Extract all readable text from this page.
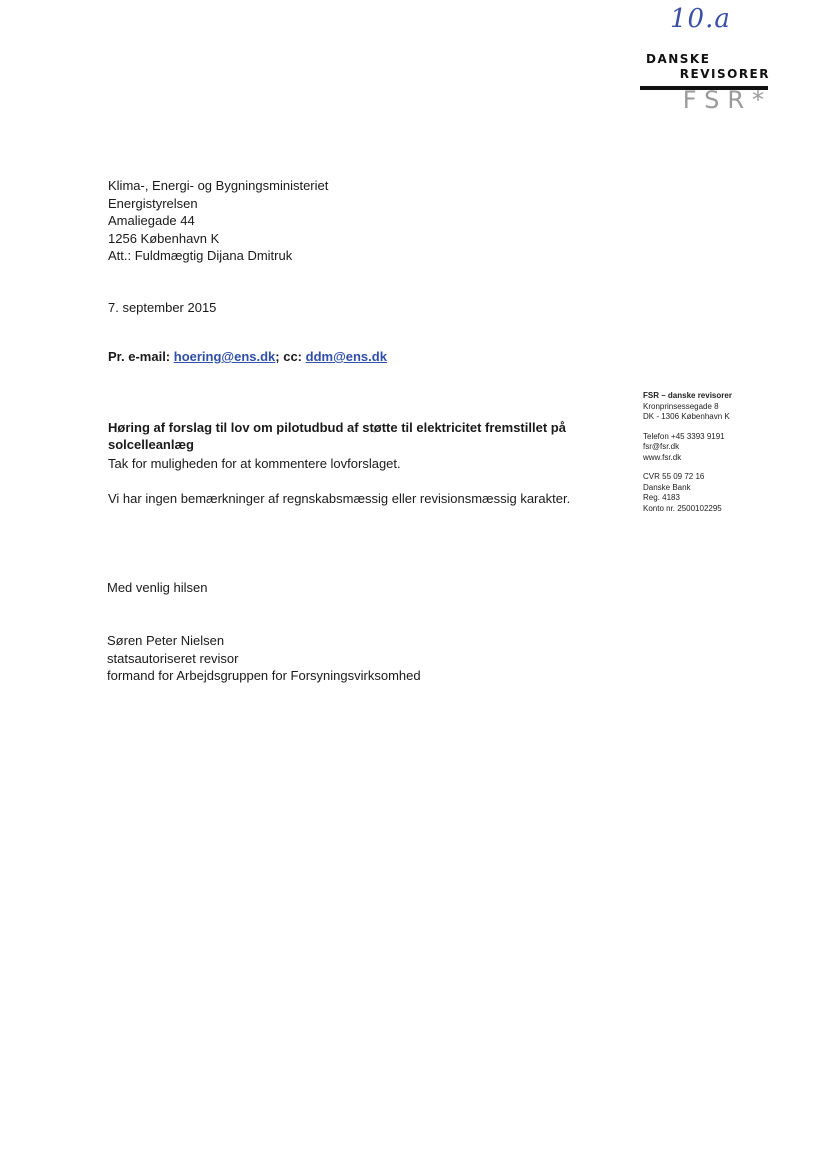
10.a
DANSKE
REVISORER
FSR*
Klima-, Energi- og Bygningsministeriet
Energistyrelsen
Amaliegade 44
1256 København K
Att.: Fuldmægtig Dijana Dmitruk
7. september 2015
Pr. e-mail: hoering@ens.dk; cc: ddm@ens.dk
Høring af forslag til lov om pilotudbud af støtte til elektricitet fremstillet på solcelleanlæg
Tak for muligheden for at kommentere lovforslaget.
Vi har ingen bemærkninger af regnskabsmæssig eller revisionsmæssig karakter.
FSR – danske revisorer
Kronprinsessegade 8
DK - 1306 København K
Telefon +45 3393 9191
fsr@fsr.dk
www.fsr.dk
CVR 55 09 72 16
Danske Bank
Reg. 4183
Konto nr. 2500102295
Med venlig hilsen
Søren Peter Nielsen
statsautoriseret revisor
formand for Arbejdsgruppen for Forsyningsvirksomhed
